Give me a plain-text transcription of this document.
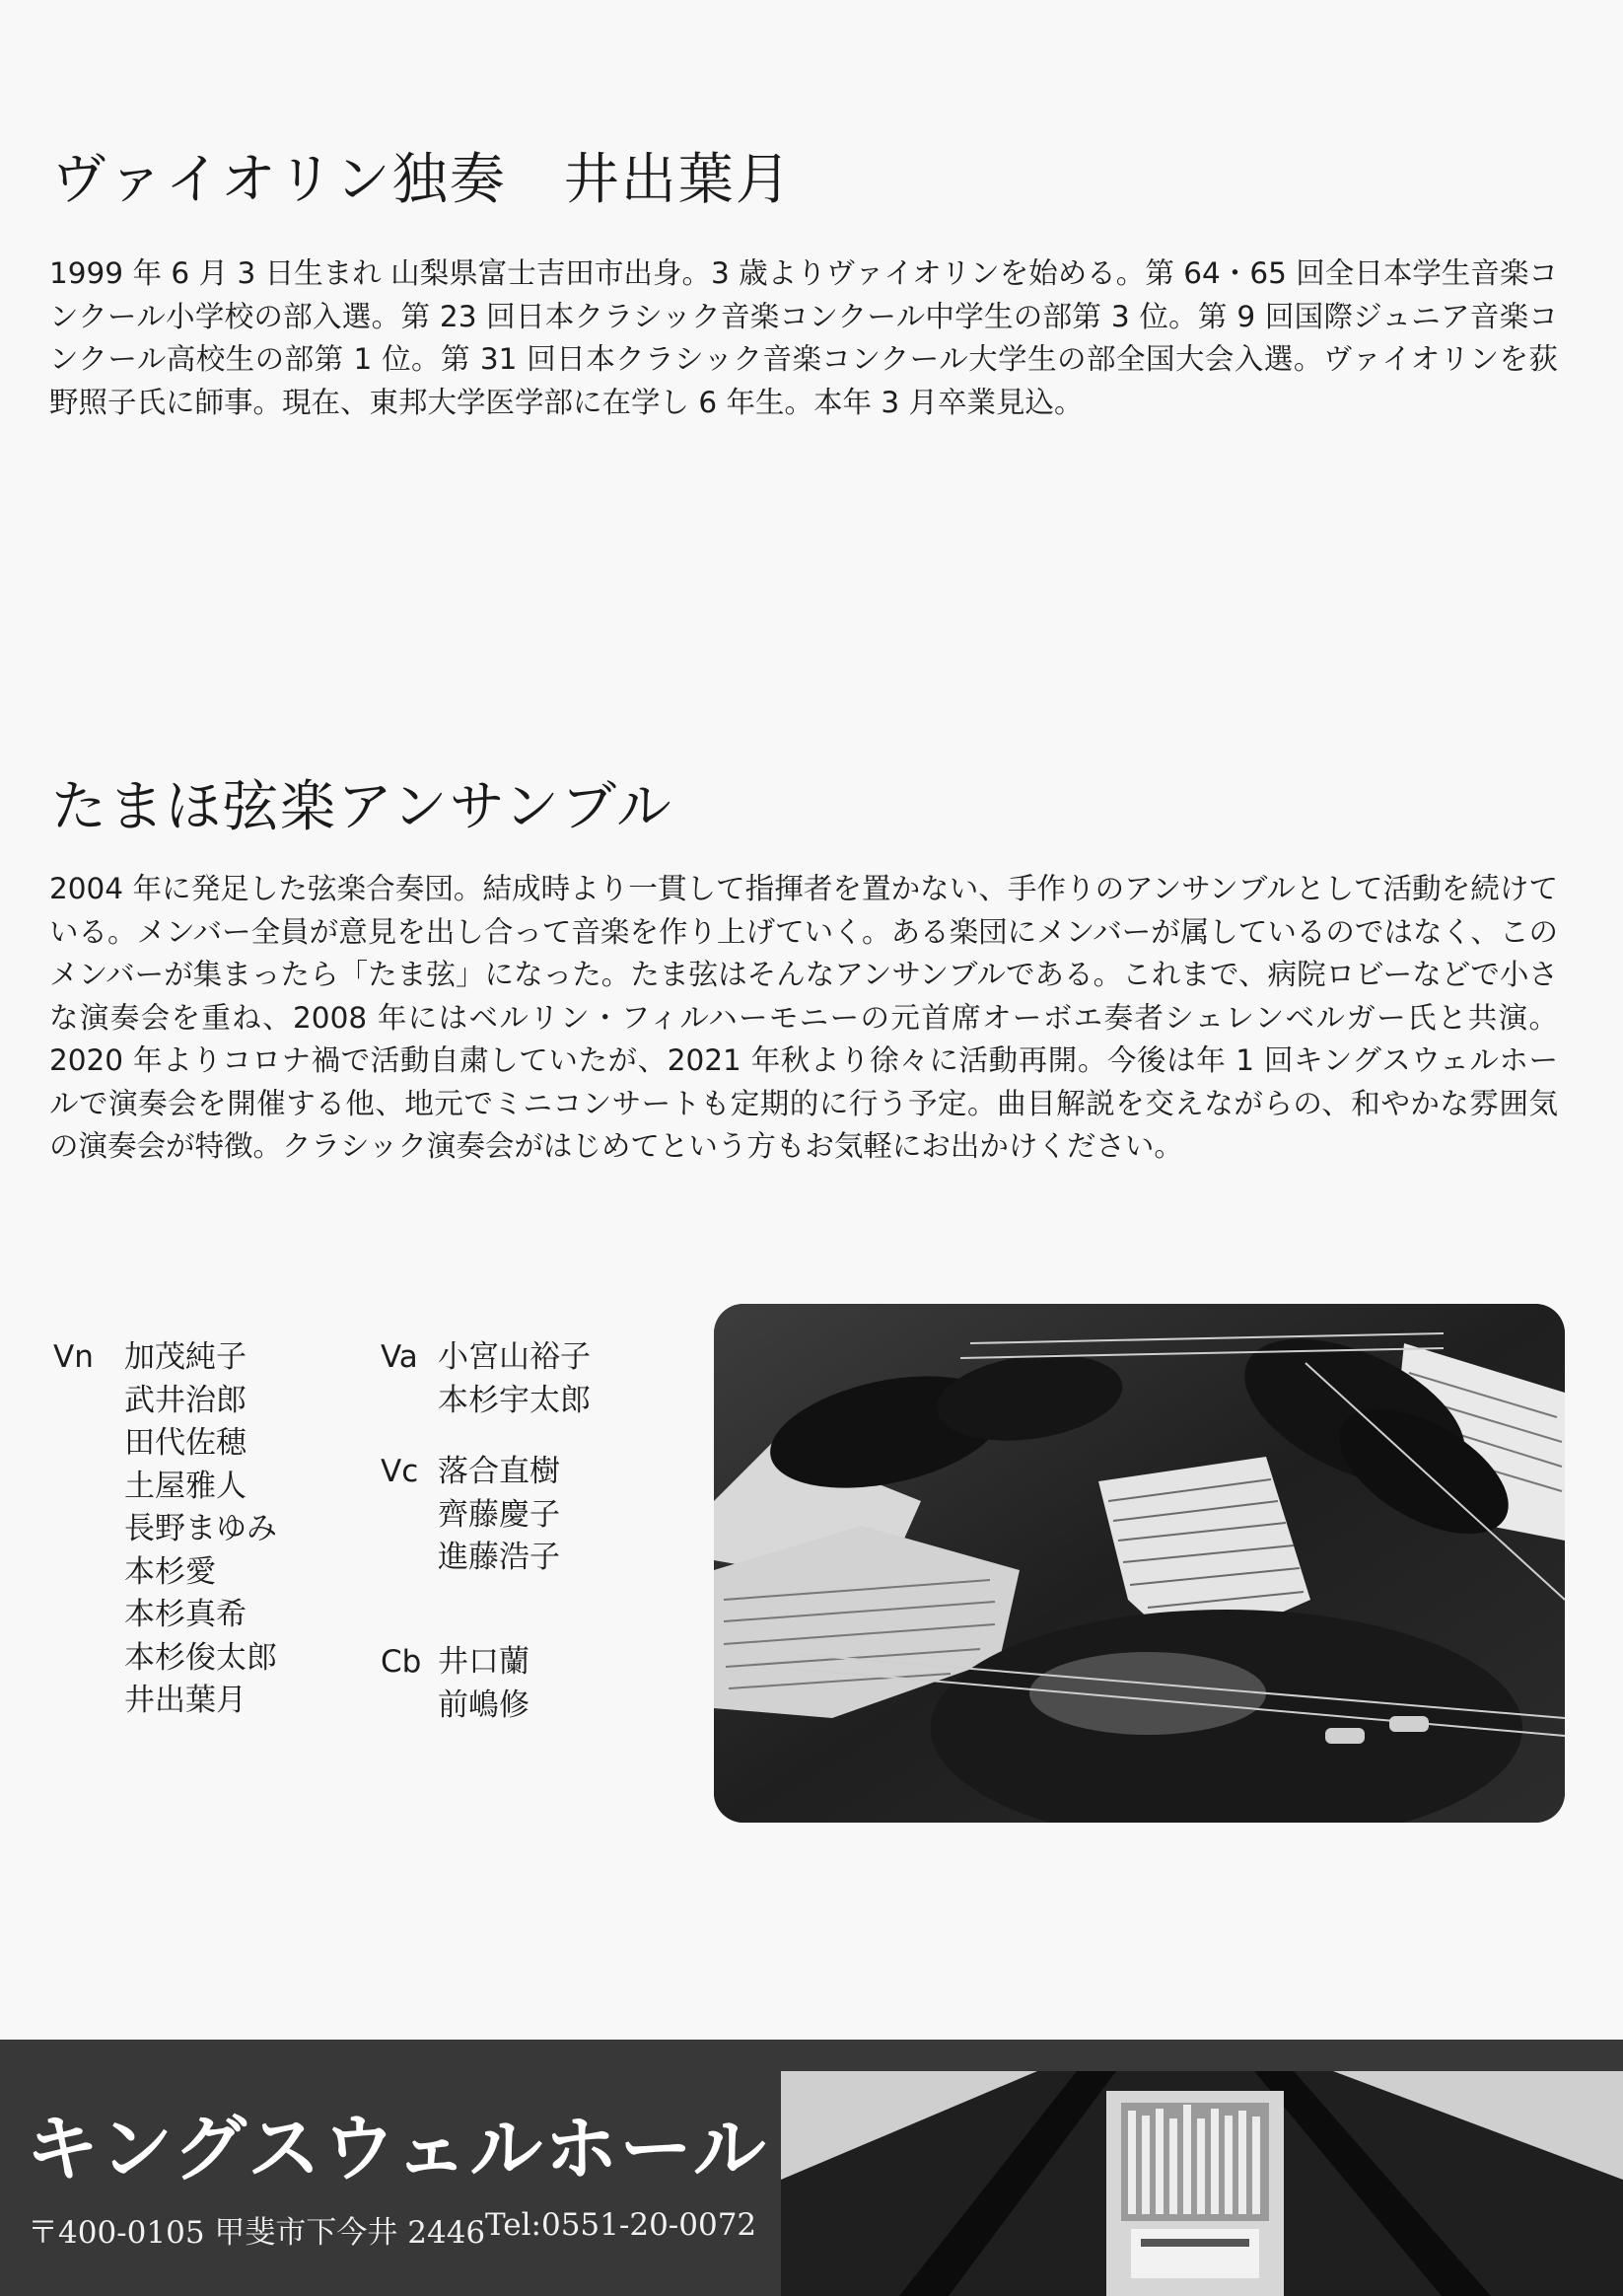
ヴァイオリン独奏　井出葉月

1999 年 6 月 3 日生まれ 山梨県富士吉田市出身。3 歳よりヴァイオリンを始める。第 64・65 回全日本学生音楽コンクール小学校の部入選。第 23 回日本クラシック音楽コンクール中学生の部第 3 位。第 9 回国際ジュニア音楽コンクール高校生の部第 1 位。第 31 回日本クラシック音楽コンクール大学生の部全国大会入選。ヴァイオリンを荻野照子氏に師事。現在、東邦大学医学部に在学し 6 年生。本年 3 月卒業見込。

たまほ弦楽アンサンブル

2004 年に発足した弦楽合奏団。結成時より一貫して指揮者を置かない、手作りのアンサンブルとして活動を続けている。メンバー全員が意見を出し合って音楽を作り上げていく。ある楽団にメンバーが属しているのではなく、このメンバーが集まったら「たま弦」になった。たま弦はそんなアンサンブルである。これまで、病院ロビーなどで小さな演奏会を重ね、2008 年にはベルリン・フィルハーモニーの元首席オーボエ奏者シェレンベルガー氏と共演。2020 年よりコロナ禍で活動自粛していたが、2021 年秋より徐々に活動再開。今後は年 1 回キングスウェルホールで演奏会を開催する他、地元でミニコンサートも定期的に行う予定。曲目解説を交えながらの、和やかな雰囲気の演奏会が特徴。クラシック演奏会がはじめてという方もお気軽にお出かけください。

Vn 加茂純子
武井治郎
田代佐穂
土屋雅人
長野まゆみ
本杉愛
本杉真希
本杉俊太郎
井出葉月
Va 小宮山裕子
本杉宇太郎
Vc 落合直樹
齊藤慶子
進藤浩子
Cb 井口蘭
前嶋修
キングスウェルホール
〒400-0105 甲斐市下今井 2446 Tel:0551-20-0072
